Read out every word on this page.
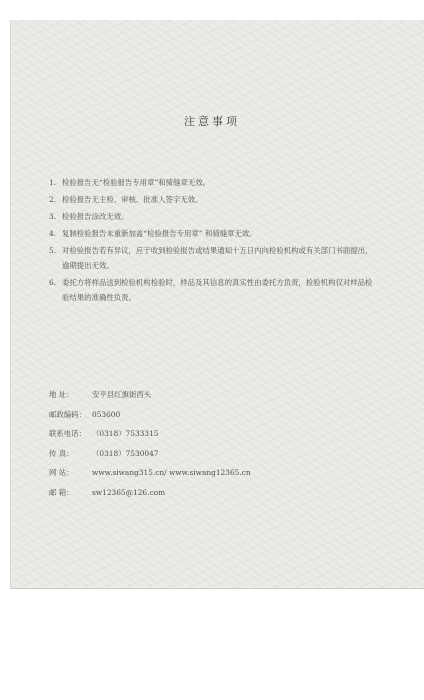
注意事项
1. 检验报告无“检验报告专用章”和骑缝章无效。
2. 检验报告无主检、审核、批准人签字无效。
3. 检验报告涂改无效。
4. 复制检验报告未重新加盖“检验报告专用章” 和骑缝章无效。
5. 对检验报告若有异议，应于收到检验报告或结果通知十五日内向检验机构或有关部门书面提出，逾期提出无效。
6. 委托方将样品送到检验机构检验时，样品及其信息的真实性由委托方负责，检验机构仅对样品检验结果的准确性负责。
地 址：	安平县红旗街西头
邮政编码： 053600
联系电话： （0318）7533315
传 真：	（0318）7530047
网 站：	www.siwang315.cn/ www.siwang12365.cn
邮 箱：	sw12365@126.com
